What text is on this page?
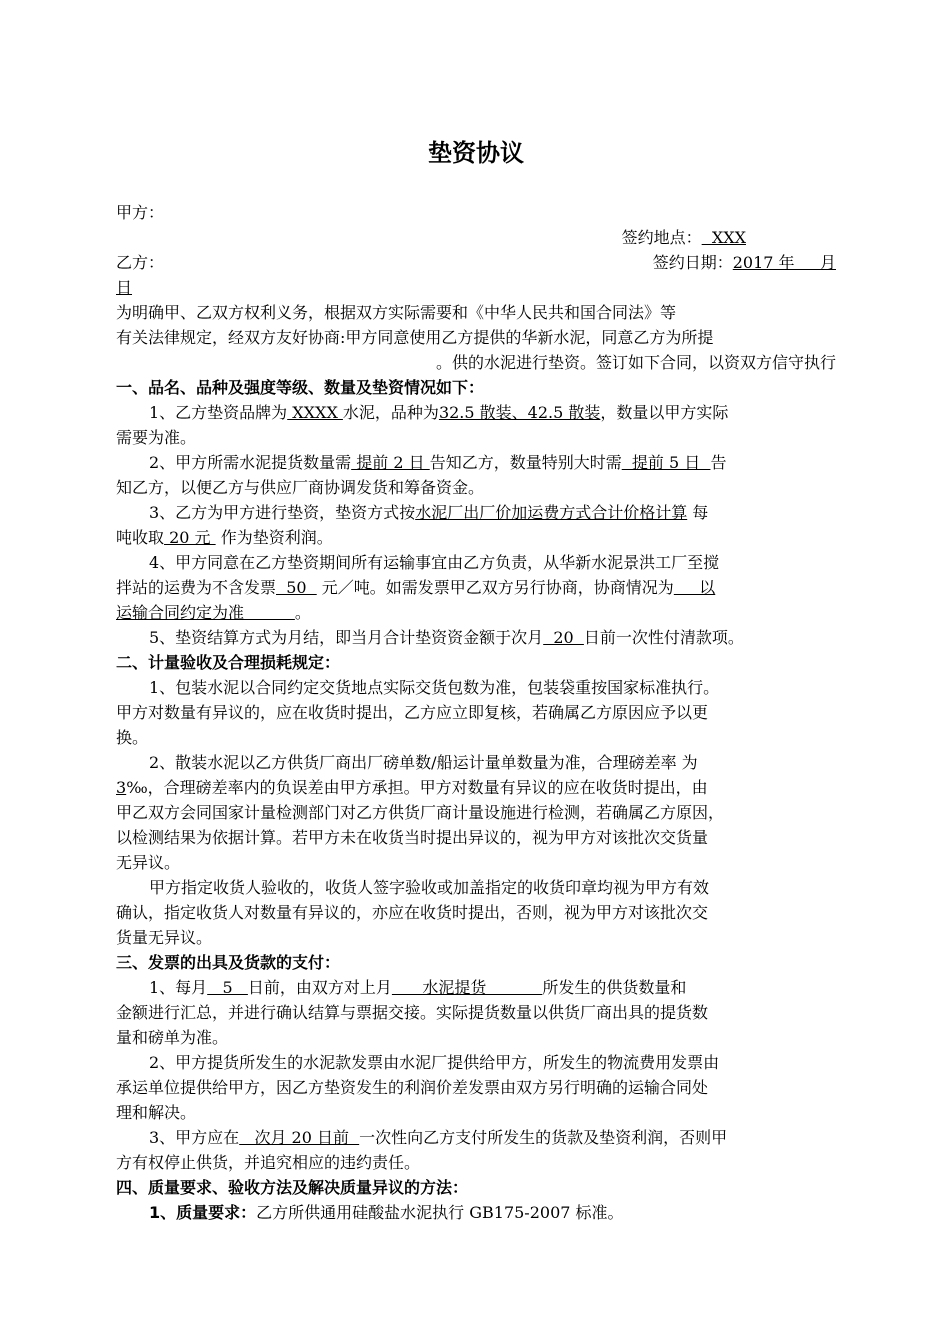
垫资协议
甲方：
签约地点：  XXX
乙方：	签约日期：2017 年     月
日
为明确甲、乙双方权利义务，根据双方实际需要和《中华人民共和国合同法》等
有关法律规定，经双方友好协商:甲方同意使用乙方提供的华新水泥，同意乙方为所提
。供的水泥进行垫资。签订如下合同，以资双方信守执行
一、品名、品种及强度等级、数量及垫资情况如下：
1、乙方垫资品牌为 XXXX 水泥，品种为32.5 散装、42.5 散装，数量以甲方实际
需要为准。
2、甲方所需水泥提货数量需 提前 2 日 告知乙方，数量特别大时需  提前 5 日  告
知乙方，以便乙方与供应厂商协调发货和筹备资金。
3、乙方为甲方进行垫资，垫资方式按水泥厂出厂价加运费方式合计价格计算 每
吨收取 20 元  作为垫资利润。
4、甲方同意在乙方垫资期间所有运输事宜由乙方负责，从华新水泥景洪工厂至搅
拌站的运费为不含发票  50   元／吨。如需发票甲乙双方另行协商，协商情况为     以
运输合同约定为准          。
5、垫资结算方式为月结，即当月合计垫资资金额于次月  20  日前一次性付清款项。
二、计量验收及合理损耗规定：
1、包装水泥以合同约定交货地点实际交货包数为准，包装袋重按国家标准执行。
甲方对数量有异议的，应在收货时提出，乙方应立即复核，若确属乙方原因应予以更
换。
2、散装水泥以乙方供货厂商出厂磅单数/船运计量单数量为准，合理磅差率 为
3‰，合理磅差率内的负误差由甲方承担。甲方对数量有异议的应在收货时提出，由
甲乙双方会同国家计量检测部门对乙方供货厂商计量设施进行检测，若确属乙方原因，
以检测结果为依据计算。若甲方未在收货当时提出异议的，视为甲方对该批次交货量
无异议。
甲方指定收货人验收的，收货人签字验收或加盖指定的收货印章均视为甲方有效
确认，指定收货人对数量有异议的，亦应在收货时提出，否则，视为甲方对该批次交
货量无异议。
三、发票的出具及货款的支付：
1、每月   5   日前，由双方对上月      水泥提货           所发生的供货数量和
金额进行汇总，并进行确认结算与票据交接。实际提货数量以供货厂商出具的提货数
量和磅单为准。
2、甲方提货所发生的水泥款发票由水泥厂提供给甲方，所发生的物流费用发票由
承运单位提供给甲方，因乙方垫资发生的利润价差发票由双方另行明确的运输合同处
理和解决。
3、甲方应在   次月 20 日前  一次性向乙方支付所发生的货款及垫资利润，否则甲
方有权停止供货，并追究相应的违约责任。
四、质量要求、验收方法及解决质量异议的方法：
1、质量要求：乙方所供通用硅酸盐水泥执行 GB175-2007 标准。
